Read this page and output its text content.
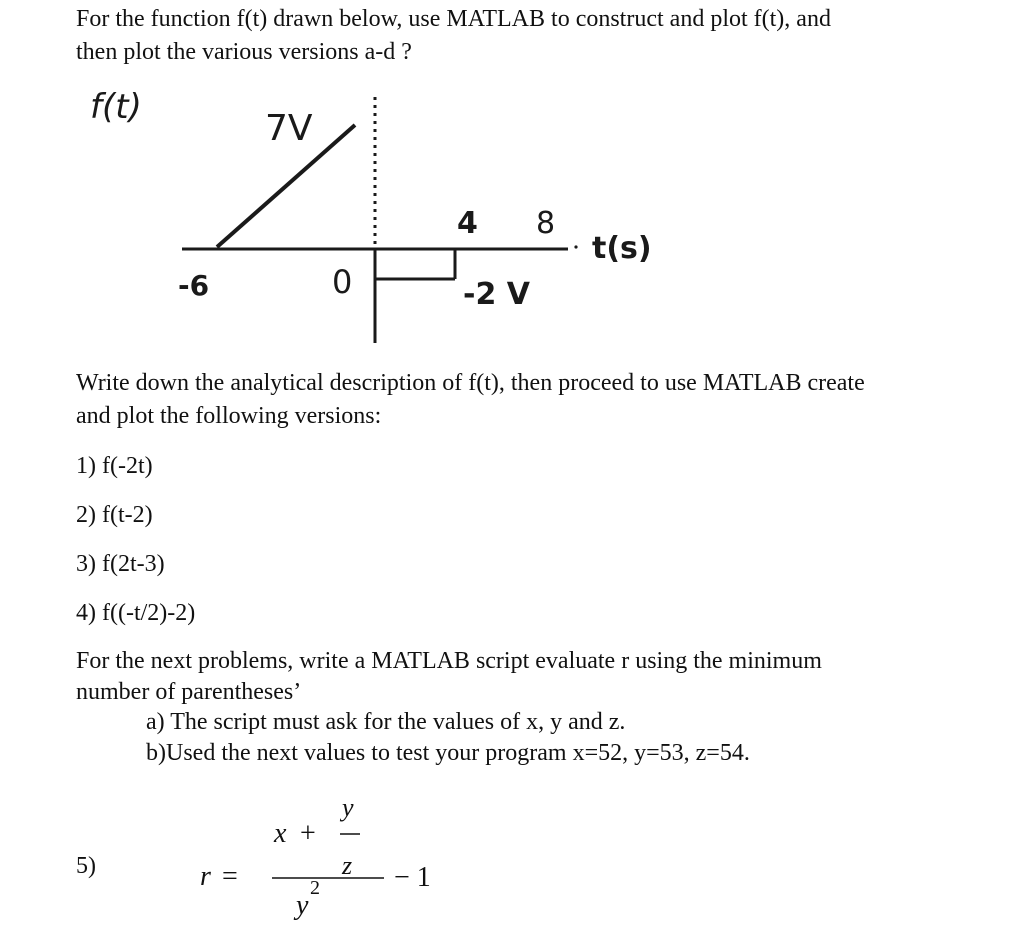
For the function f(t) drawn below, use MATLAB to construct and plot f(t), and
then plot the various versions a-d ?
f(t)
7V
4 8
t(s)
-6	0	-2 V
Write down the analytical description of f(t), then proceed to use MATLAB create
and plot the following versions:
1) f(-2t)
2) f(t-2)
3) f(2t-3)
4) f((-t/2)-2)
For the next problems, write a MATLAB script evaluate r using the minimum
number of parentheses’
a) The script must ask for the values of x, y and z.
b)Used the next values to test your program x=52, y=53, z=54.
5)	r =
x +
y
z
y
2	− 1
